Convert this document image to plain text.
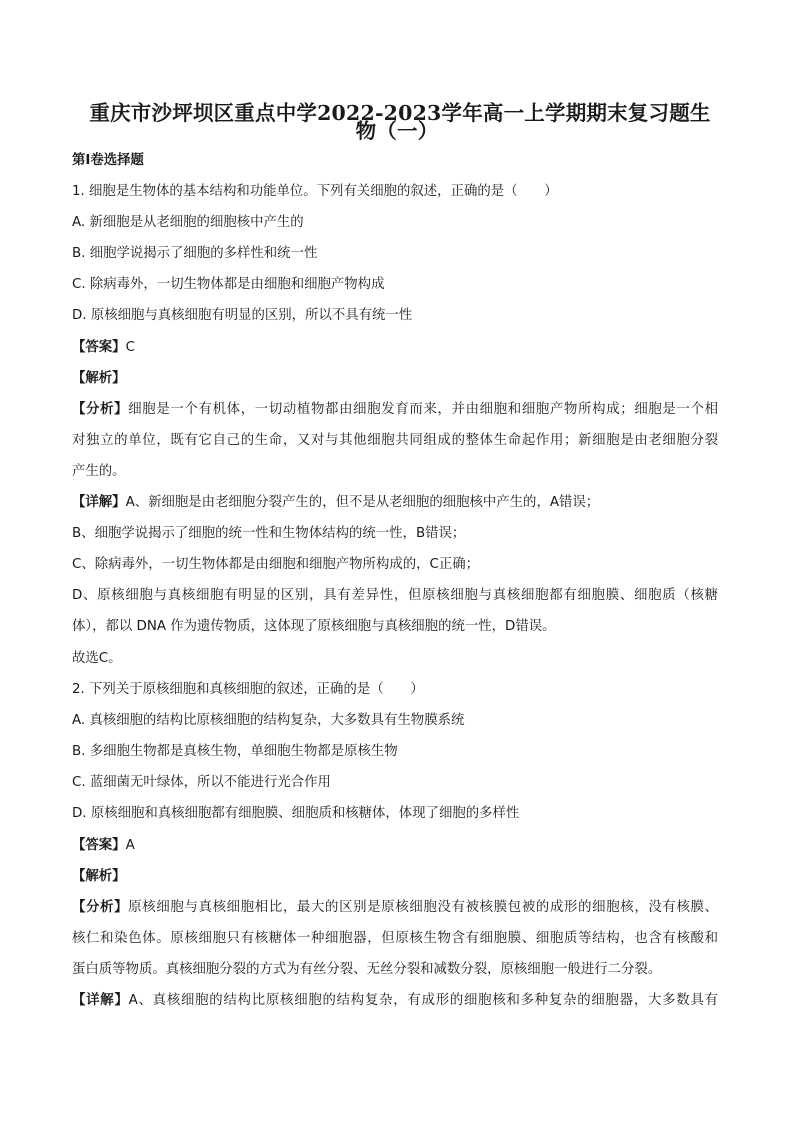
重庆市沙坪坝区重点中学2022-2023学年高一上学期期末复习题生
物（一）
第Ⅰ卷选择题
1. 细胞是生物体的基本结构和功能单位。下列有关细胞的叙述，正确的是（　　）
A. 新细胞是从老细胞的细胞核中产生的
B. 细胞学说揭示了细胞的多样性和统一性
C. 除病毒外，一切生物体都是由细胞和细胞产物构成
D. 原核细胞与真核细胞有明显的区别，所以不具有统一性
【答案】C
【解析】
【分析】细胞是一个有机体，一切动植物都由细胞发育而来，并由细胞和细胞产物所构成；细胞是一个相
对独立的单位，既有它自己的生命，又对与其他细胞共同组成的整体生命起作用；新细胞是由老细胞分裂
产生的。
【详解】A、新细胞是由老细胞分裂产生的，但不是从老细胞的细胞核中产生的，A错误；
B、细胞学说揭示了细胞的统一性和生物体结构的统一性，B错误；
C、除病毒外，一切生物体都是由细胞和细胞产物所构成的，C正确；
D、原核细胞与真核细胞有明显的区别，具有差异性，但原核细胞与真核细胞都有细胞膜、细胞质（核糖
体），都以 DNA 作为遗传物质，这体现了原核细胞与真核细胞的统一性，D错误。
故选C。
2. 下列关于原核细胞和真核细胞的叙述，正确的是（　　）
A. 真核细胞的结构比原核细胞的结构复杂，大多数具有生物膜系统
B. 多细胞生物都是真核生物，单细胞生物都是原核生物
C. 蓝细菌无叶绿体，所以不能进行光合作用
D. 原核细胞和真核细胞都有细胞膜、细胞质和核糖体，体现了细胞的多样性
【答案】A
【解析】
【分析】原核细胞与真核细胞相比，最大的区别是原核细胞没有被核膜包被的成形的细胞核，没有核膜、
核仁和染色体。原核细胞只有核糖体一种细胞器，但原核生物含有细胞膜、细胞质等结构，也含有核酸和
蛋白质等物质。真核细胞分裂的方式为有丝分裂、无丝分裂和减数分裂，原核细胞一般进行二分裂。
【详解】A、真核细胞的结构比原核细胞的结构复杂，有成形的细胞核和多种复杂的细胞器，大多数具有
